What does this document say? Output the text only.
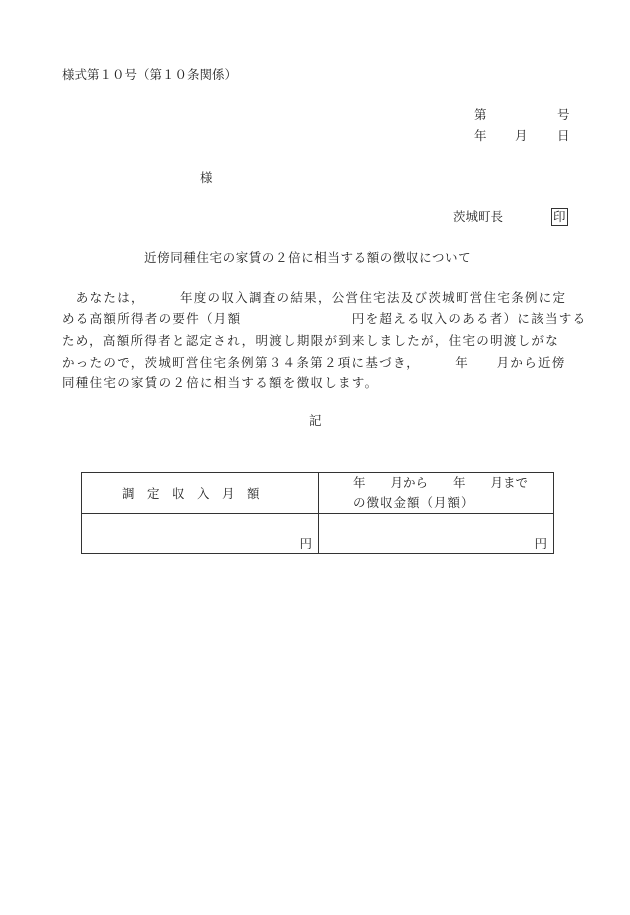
様式第１０号（第１０条関係）
第	号
年 月 日
様
茨城町長	印
近傍同種住宅の家賃の２倍に相当する額の徴収について
　あなたは，　　　年度の収入調査の結果，公営住宅法及び茨城町営住宅条例に定
める高額所得者の要件（月額　　　　　　　　円を超える収入のある者）に該当する
ため，高額所得者と認定され，明渡し期限が到来しましたが，住宅の明渡しがな
かったので，茨城町営住宅条例第３４条第２項に基づき，　　　年　　月から近傍
同種住宅の家賃の２倍に相当する額を徴収します。
記
調　定　収　入　月　額	年　　月から　　年　　月まで
の徴収金額（月額）

円	円
